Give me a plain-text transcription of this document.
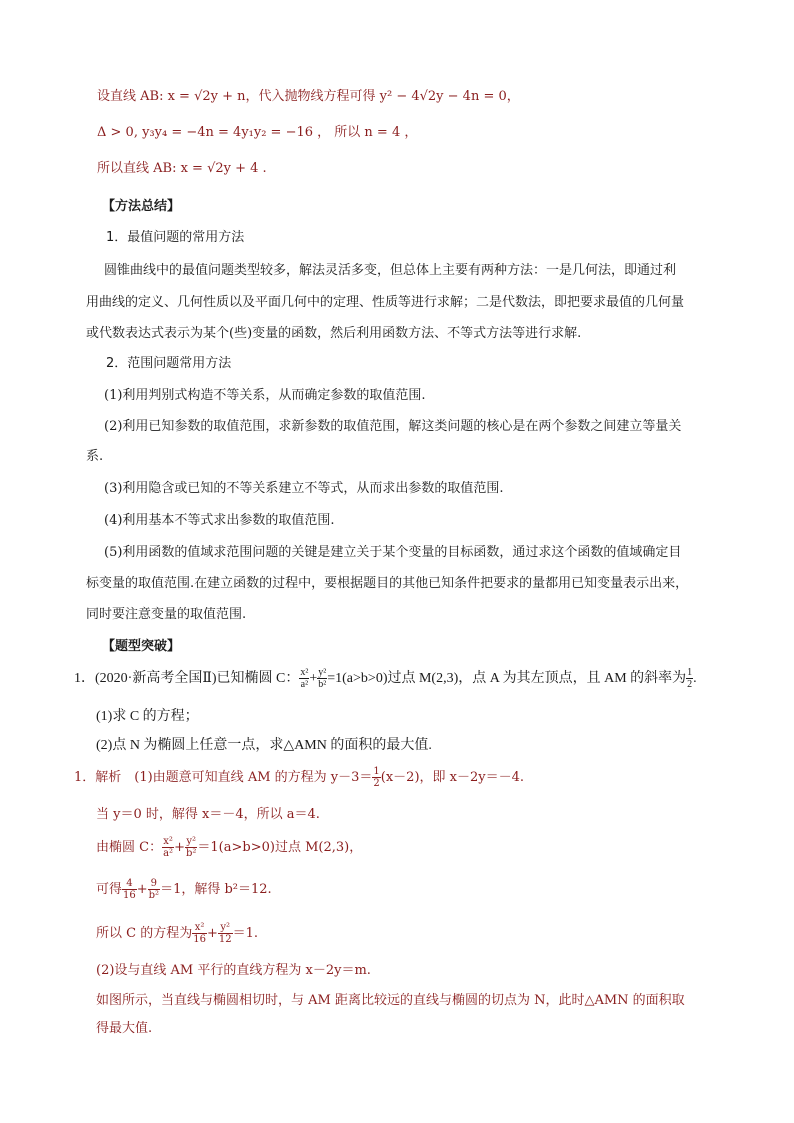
设直线 AB: x = √2y + n，代入抛物线方程可得 y² − 4√2y − 4n = 0，
Δ > 0, y₃y₄ = −4n = 4y₁y₂ = −16 ， 所以 n = 4 ，
所以直线 AB: x = √2y + 4 .
【方法总结】
1．最值问题的常用方法
圆锥曲线中的最值问题类型较多，解法灵活多变，但总体上主要有两种方法：一是几何法，即通过利
用曲线的定义、几何性质以及平面几何中的定理、性质等进行求解；二是代数法，即把要求最值的几何量
或代数表达式表示为某个(些)变量的函数，然后利用函数方法、不等式方法等进行求解.
2．范围问题常用方法
(1)利用判别式构造不等关系，从而确定参数的取值范围.
(2)利用已知参数的取值范围，求新参数的取值范围，解这类问题的核心是在两个参数之间建立等量关
系.
(3)利用隐含或已知的不等关系建立不等式，从而求出参数的取值范围.
(4)利用基本不等式求出参数的取值范围.
(5)利用函数的值域求范围问题的关键是建立关于某个变量的目标函数，通过求这个函数的值域确定目
标变量的取值范围.在建立函数的过程中，要根据题目的其他已知条件把要求的量都用已知变量表示出来，
同时要注意变量的取值范围.
【题型突破】
1．(2020·新高考全国Ⅱ)已知椭圆 C： $\frac{\text{x²}}{\text{a²}} + \frac{\text{y²}}{\text{b²}} =1(a>b>0)$过点 M(2,3)，点 A 为其左顶点，且 AM 的斜率为 $\frac{1}{2}$ .
(1)求 C 的方程；
(2)点 N 为椭圆上任意一点，求△AMN 的面积的最大值.
1．解析　(1)由题意可知直线 AM 的方程为 $y-3= \frac{1}{2} (x-2)$，即 x－2y＝－4.
当 y＝0 时，解得 x＝－4，所以 a＝4.
由椭圆 C： $\frac{\text{x²}}{\text{a²}} + \frac{\text{y²}}{\text{b²}} =1(a>b>0)$过点 M(2,3)，
可得 $\frac{4}{16} + \frac{9}{\text{b²}} =1$，解得 b²＝12.
所以 C 的方程为 $\frac{\text{x²}}{16} + \frac{\text{y²}}{12} =1$.
(2)设与直线 AM 平行的直线方程为 x－2y＝m.
如图所示，当直线与椭圆相切时，与 AM 距离比较远的直线与椭圆的切点为 N，此时△AMN 的面积取
得最大值.
